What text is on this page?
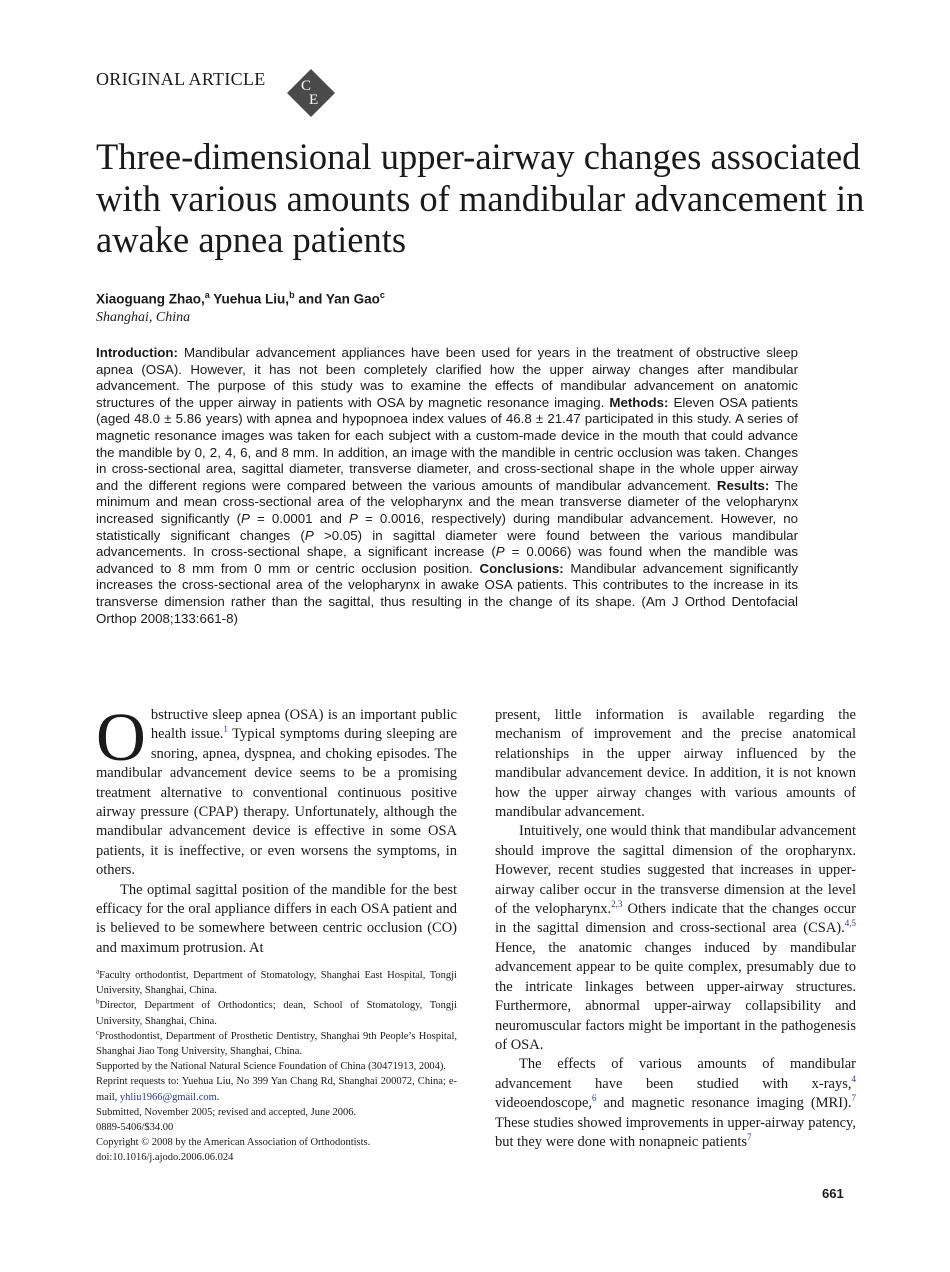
ORIGINAL ARTICLE C
E
Three-dimensional upper-airway changes associated with various amounts of mandibular advancement in awake apnea patients
Xiaoguang Zhao,$^a$ Yuehua Liu,$^b$ and Yan Gao$^c$
Shanghai, China
Introduction: Mandibular advancement appliances have been used for years in the treatment of obstructive sleep apnea (OSA). However, it has not been completely clarified how the upper airway changes after mandibular advancement. The purpose of this study was to examine the effects of mandibular advancement on anatomic structures of the upper airway in patients with OSA by magnetic resonance imaging. Methods: Eleven OSA patients (aged 48.0 ± 5.86 years) with apnea and hypopnoea index values of 46.8 ± 21.47 participated in this study. A series of magnetic resonance images was taken for each subject with a custom-made device in the mouth that could advance the mandible by 0, 2, 4, 6, and 8 mm. In addition, an image with the mandible in centric occlusion was taken. Changes in cross-sectional area, sagittal diameter, transverse diameter, and cross-sectional shape in the whole upper airway and the different regions were compared between the various amounts of mandibular advancement. Results: The minimum and mean cross-sectional area of the velopharynx and the mean transverse diameter of the velopharynx increased significantly (P = 0.0001 and P = 0.0016, respectively) during mandibular advancement. However, no statistically significant changes (P >0.05) in sagittal diameter were found between the various mandibular advancements. In cross-sectional shape, a significant increase (P = 0.0066) was found when the mandible was advanced to 8 mm from 0 mm or centric occlusion position. Conclusions: Mandibular advancement significantly increases the cross-sectional area of the velopharynx in awake OSA patients. This contributes to the increase in its transverse dimension rather than the sagittal, thus resulting in the change of its shape. (Am J Orthod Dentofacial Orthop 2008;133:661-8)

Obstructive sleep apnea (OSA) is an important public health issue.$^1$ Typical symptoms during sleeping are snoring, apnea, dyspnea, and choking episodes. The mandibular advancement device seems to be a promising treatment alternative to conventional continuous positive airway pressure (CPAP) therapy. Unfortunately, although the mandibular advancement device is effective in some OSA patients, it is ineffective, or even worsens the symptoms, in others.

The optimal sagittal position of the mandible for the best efficacy for the oral appliance differs in each OSA patient and is believed to be somewhere between centric occlusion (CO) and maximum protrusion. At

$^a$Faculty orthodontist, Department of Stomatology, Shanghai East Hospital, Tongji University, Shanghai, China.
$^b$Director, Department of Orthodontics; dean, School of Stomatology, Tongji University, Shanghai, China.
$^c$Prosthodontist, Department of Prosthetic Dentistry, Shanghai 9th People’s Hospital, Shanghai Jiao Tong University, Shanghai, China.
Supported by the National Natural Science Foundation of China (30471913, 2004).
Reprint requests to: Yuehua Liu, No 399 Yan Chang Rd, Shanghai 200072, China; e-mail, yhliu1966@gmail.com.
Submitted, November 2005; revised and accepted, June 2006.
0889-5406/$34.00
Copyright © 2008 by the American Association of Orthodontists.
doi:10.1016/j.ajodo.2006.06.024

present, little information is available regarding the mechanism of improvement and the precise anatomical relationships in the upper airway influenced by the mandibular advancement device. In addition, it is not known how the upper airway changes with various amounts of mandibular advancement.

Intuitively, one would think that mandibular advancement should improve the sagittal dimension of the oropharynx. However, recent studies suggested that increases in upper-airway caliber occur in the transverse dimension at the level of the velopharynx.$^{2,3}$ Others indicate that the changes occur in the sagittal dimension and cross-sectional area (CSA).$^{4,5}$ Hence, the anatomic changes induced by mandibular advancement appear to be quite complex, presumably due to the intricate linkages between upper-airway structures. Furthermore, abnormal upper-airway collapsibility and neuromuscular factors might be important in the pathogenesis of OSA.

The effects of various amounts of mandibular advancement have been studied with x-rays,$^4$ videoendoscope,$^6$ and magnetic resonance imaging (MRI).$^7$ These studies showed improvements in upper-airway patency, but they were done with nonapneic patients$^7$

661
